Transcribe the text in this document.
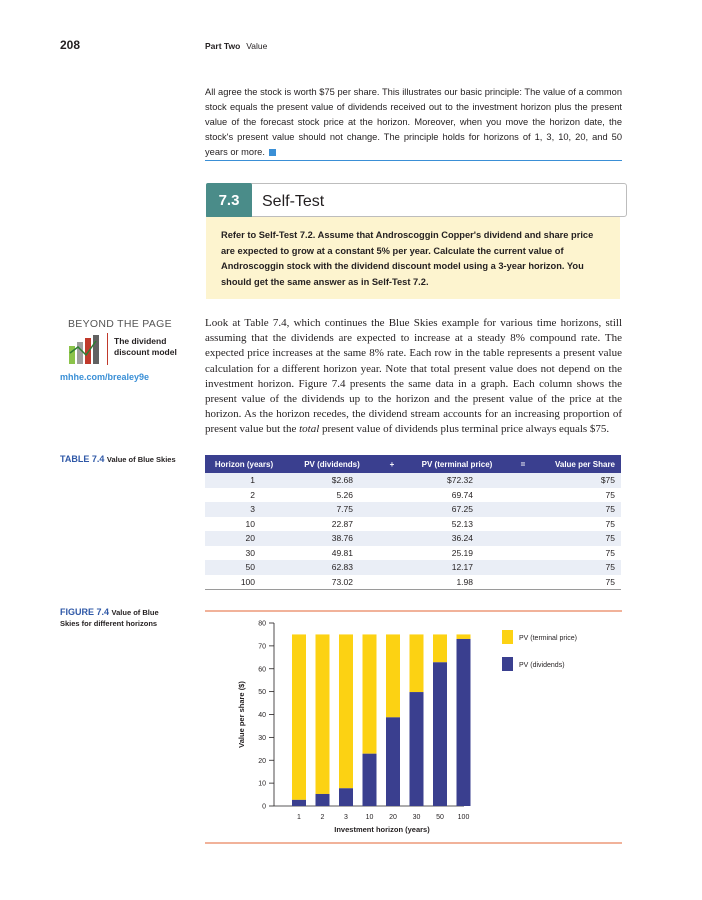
208	Part Two Value
All agree the stock is worth $75 per share. This illustrates our basic principle: The value of a common stock equals the present value of dividends received out to the investment horizon plus the present value of the forecast stock price at the horizon. Moreover, when you move the horizon date, the stock's present value should not change. The principle holds for horizons of 1, 3, 10, 20, and 50 years or more.
7.3	Self-Test
Refer to Self-Test 7.2. Assume that Androscoggin Copper's dividend and share price are expected to grow at a constant 5% per year. Calculate the current value of Androscoggin stock with the dividend discount model using a 3-year horizon. You should get the same answer as in Self-Test 7.2.
BEYOND THE PAGE
The dividend
discount model
mhhe.com/brealey9e
Look at Table 7.4, which continues the Blue Skies example for various time horizons, still assuming that the dividends are expected to increase at a steady 8% compound rate. The expected price increases at the same 8% rate. Each row in the table represents a present value calculation for a different horizon year. Note that total present value does not depend on the investment horizon. Figure 7.4 presents the same data in a graph. Each column shows the present value of the dividends up to the horizon and the present value of the price at the horizon. As the horizon recedes, the dividend stream accounts for an increasing proportion of present value but the total present value of dividends plus terminal price always equals $75.
TABLE 7.4 Value of Blue Skies	Horizon (years)	PV (dividends)	+	PV (terminal price)	=	Value per Share
1	$2.68		$72.32		$75
2	5.26		69.74		75
3	7.75		67.25		75
10	22.87		52.13		75
20	38.76		36.24		75
30	49.81		25.19		75
50	62.83		12.17		75
100	73.02		1.98		75
FIGURE 7.4 Value of Blue
Skies for different horizons
0
10
20
30
40
50
60
70
80
1	2	3	10 20 30 50 100
Investment horizon (years)
Value per share ($)
PV (terminal price)
PV (dividends)
